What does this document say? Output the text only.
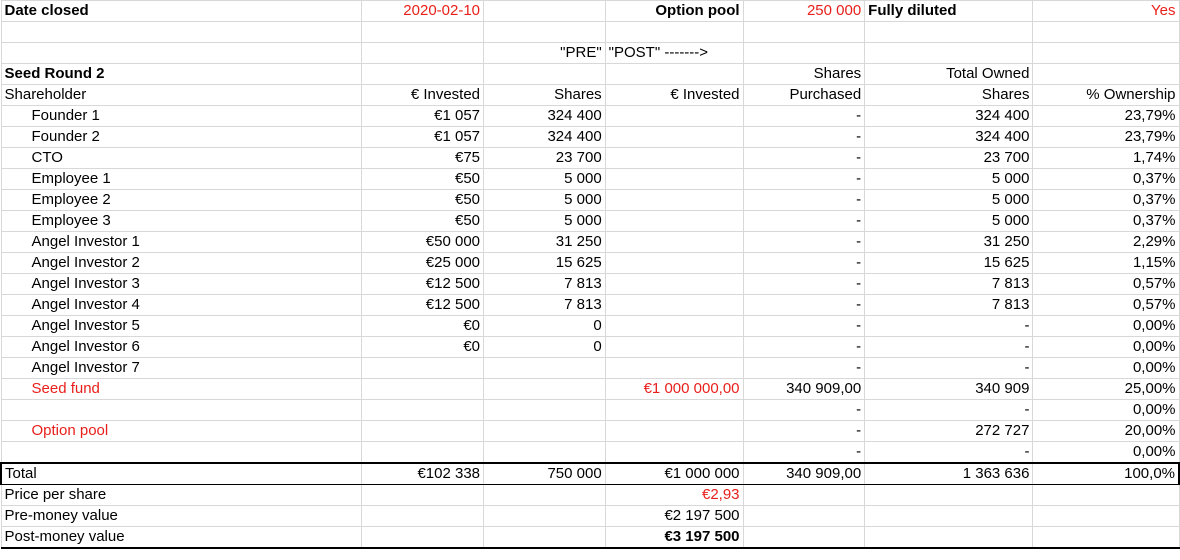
Date closed	2020-02-10		Option pool	250 000	Fully diluted	Yes

		"PRE"	"POST" ------->			
Seed Round 2				Shares	Total Owned	
Shareholder	€ Invested	Shares	€ Invested	Purchased	Shares	% Ownership
Founder 1	€1 057	324 400		-	324 400	23,79%
Founder 2	€1 057	324 400		-	324 400	23,79%
CTO	€75	23 700		-	23 700	1,74%
Employee 1	€50	5 000		-	5 000	0,37%
Employee 2	€50	5 000		-	5 000	0,37%
Employee 3	€50	5 000		-	5 000	0,37%
Angel Investor 1	€50 000	31 250		-	31 250	2,29%
Angel Investor 2	€25 000	15 625		-	15 625	1,15%
Angel Investor 3	€12 500	7 813		-	7 813	0,57%
Angel Investor 4	€12 500	7 813		-	7 813	0,57%
Angel Investor 5	€0	0		-	-	0,00%
Angel Investor 6	€0	0		-	-	0,00%
Angel Investor 7				-	-	0,00%
Seed fund			€1 000 000,00	340 909,00	340 909	25,00%
				-	-	0,00%
Option pool				-	272 727	20,00%
				-	-	0,00%
Total	€102 338	750 000	€1 000 000	340 909,00	1 363 636	100,0%
Price per share			€2,93			
Pre-money value			€2 197 500			
Post-money value			€3 197 500			
